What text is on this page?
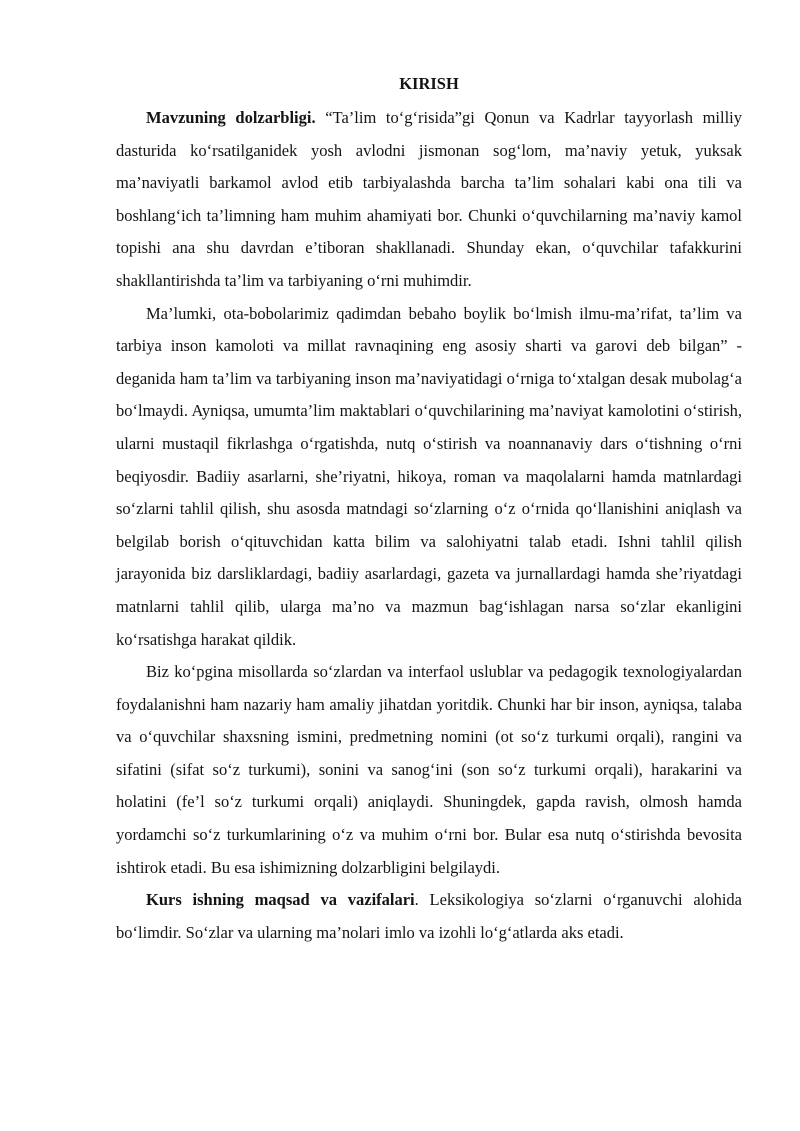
KIRISH

Mavzuning dolzarbligi. “Ta’lim to‘g‘risida”gi Qonun va Kadrlar tayyorlash milliy dasturida ko‘rsatilganidek yosh avlodni jismonan sog‘lom, ma’naviy yetuk, yuksak ma’naviyatli barkamol avlod etib tarbiyalashda barcha ta’lim sohalari kabi ona tili va boshlang‘ich ta’limning ham muhim ahamiyati bor. Chunki o‘quvchilarning ma’naviy kamol topishi ana shu davrdan e’tiboran shakllanadi. Shunday ekan, o‘quvchilar tafakkurini shakllantirishda ta’lim va tarbiyaning o‘rni muhimdir.

Ma’lumki, ota-bobolarimiz qadimdan bebaho boylik bo‘lmish ilmu-ma’rifat, ta’lim va tarbiya inson kamoloti va millat ravnaqining eng asosiy sharti va garovi deb bilgan” - deganida ham ta’lim va tarbiyaning inson ma’naviyatidagi o‘rniga to‘xtalgan desak mubolag‘a bo‘lmaydi. Ayniqsa, umumta’lim maktablari o‘quvchilarining ma’naviyat kamolotini o‘stirish, ularni mustaqil fikrlashga o‘rgatishda, nutq o‘stirish va noannanaviy dars o‘tishning o‘rni beqiyosdir. Badiiy asarlarni, she’riyatni, hikoya, roman va maqolalarni hamda matnlardagi so‘zlarni tahlil qilish, shu asosda matndagi so‘zlarning o‘z o‘rnida qo‘llanishini aniqlash va belgilab borish o‘qituvchidan katta bilim va salohiyatni talab etadi. Ishni tahlil qilish jarayonida biz darsliklardagi, badiiy asarlardagi, gazeta va jurnallardagi hamda she’riyatdagi matnlarni tahlil qilib, ularga ma’no va mazmun bag‘ishlagan narsa so‘zlar ekanligini ko‘rsatishga harakat qildik.

Biz ko‘pgina misollarda so‘zlardan va interfaol uslublar va pedagogik texnologiyalardan foydalanishni ham nazariy ham amaliy jihatdan yoritdik. Chunki har bir inson, ayniqsa, talaba va o‘quvchilar shaxsning ismini, predmetning nomini (ot so‘z turkumi orqali), rangini va sifatini (sifat so‘z turkumi), sonini va sanog‘ini (son so‘z turkumi orqali), harakarini va holatini (fe’l so‘z turkumi orqali) aniqlaydi. Shuningdek, gapda ravish, olmosh hamda yordamchi so‘z turkumlarining o‘z va muhim o‘rni bor. Bular esa nutq o‘stirishda bevosita ishtirok etadi. Bu esa ishimizning dolzarbligini belgilaydi.

Kurs ishning maqsad va vazifalari. Leksikologiya so‘zlarni o‘rganuvchi alohida bo‘limdir. So‘zlar va ularning ma’nolari imlo va izohli lo‘g‘atlarda aks etadi.
